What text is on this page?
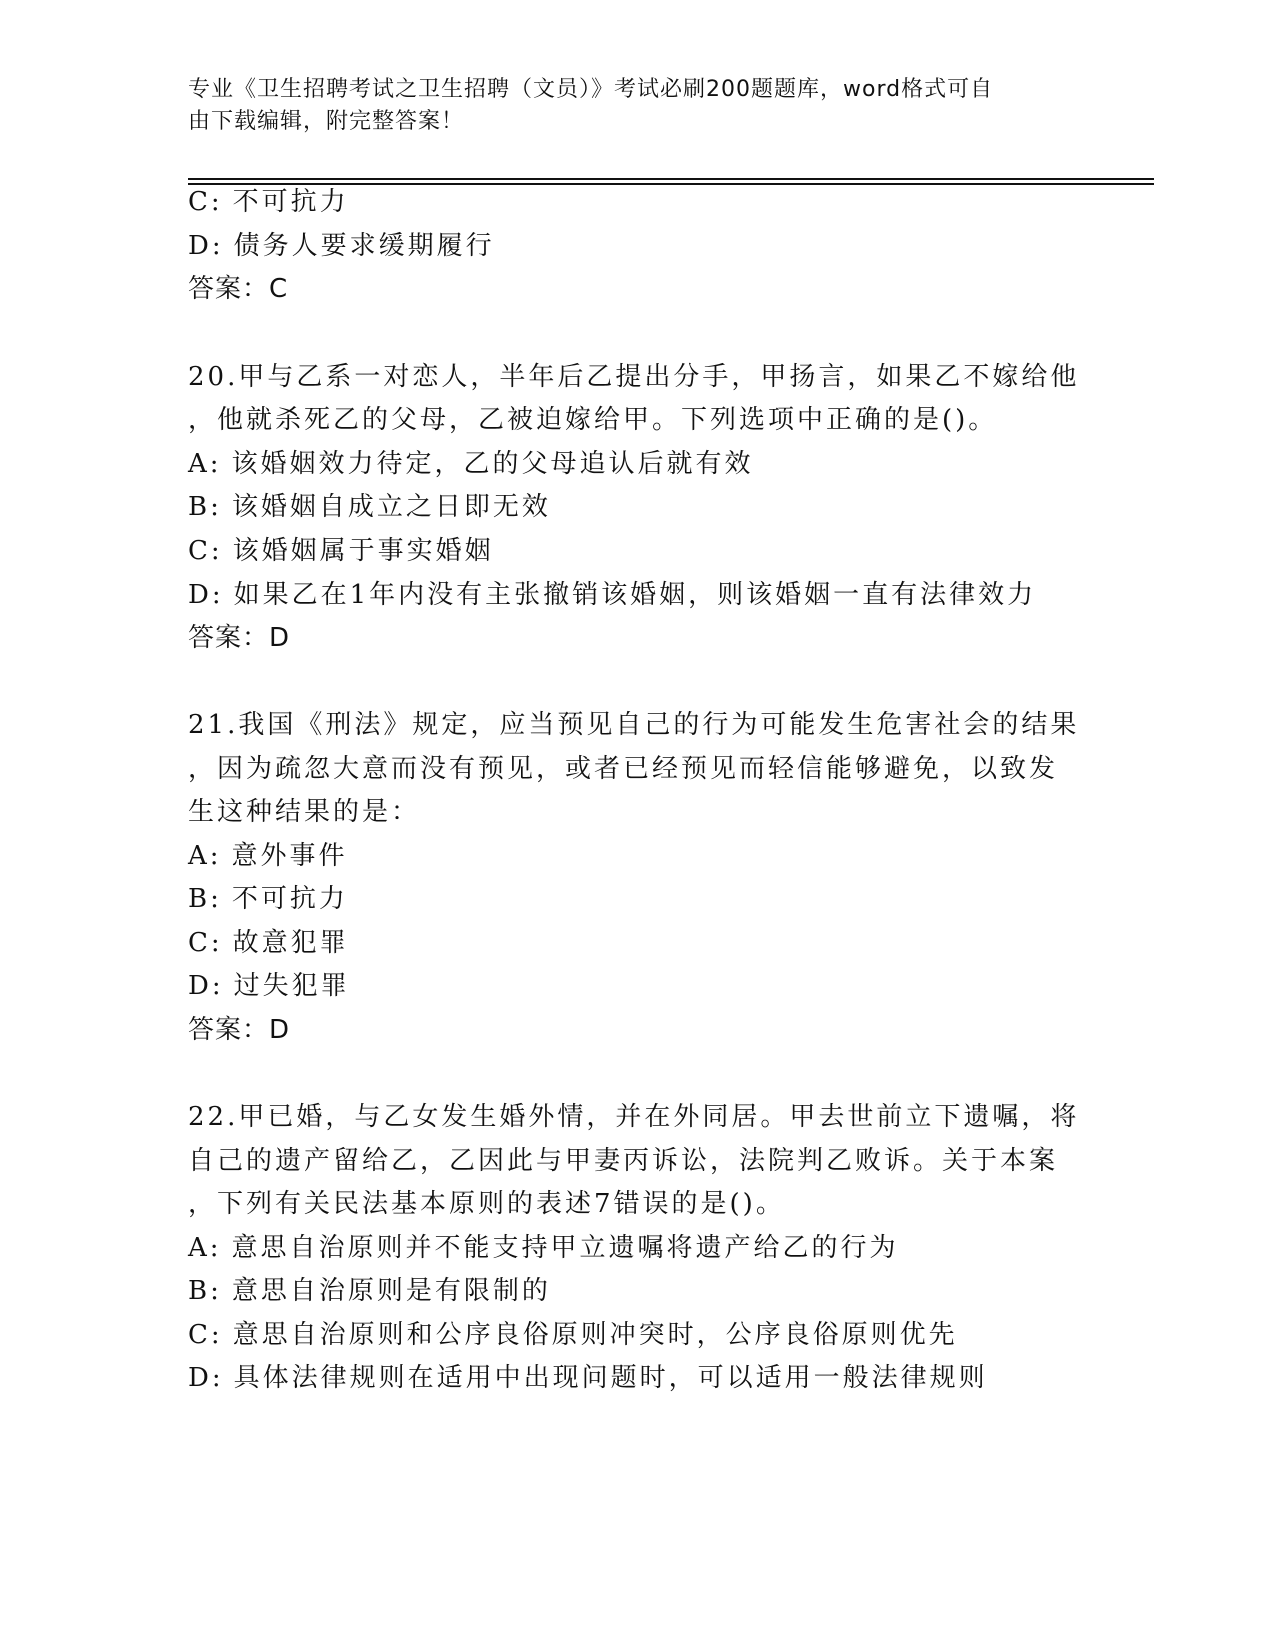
专业《卫生招聘考试之卫生招聘（文员）》考试必刷200题题库，word格式可自
由下载编辑，附完整答案！
C: 不可抗力
D: 债务人要求缓期履行
答案：C
20.甲与乙系一对恋人，半年后乙提出分手，甲扬言，如果乙不嫁给他
，他就杀死乙的父母，乙被迫嫁给甲。下列选项中正确的是()。
A: 该婚姻效力待定，乙的父母追认后就有效
B: 该婚姻自成立之日即无效
C: 该婚姻属于事实婚姻
D: 如果乙在1年内没有主张撤销该婚姻，则该婚姻一直有法律效力
答案：D
21.我国《刑法》规定，应当预见自己的行为可能发生危害社会的结果
，因为疏忽大意而没有预见，或者已经预见而轻信能够避免，以致发
生这种结果的是：
A: 意外事件
B: 不可抗力
C: 故意犯罪
D: 过失犯罪
答案：D
22.甲已婚，与乙女发生婚外情，并在外同居。甲去世前立下遗嘱，将
自己的遗产留给乙，乙因此与甲妻丙诉讼，法院判乙败诉。关于本案
，下列有关民法基本原则的表述7错误的是()。
A: 意思自治原则并不能支持甲立遗嘱将遗产给乙的行为
B: 意思自治原则是有限制的
C: 意思自治原则和公序良俗原则冲突时，公序良俗原则优先
D: 具体法律规则在适用中出现问题时，可以适用一般法律规则
